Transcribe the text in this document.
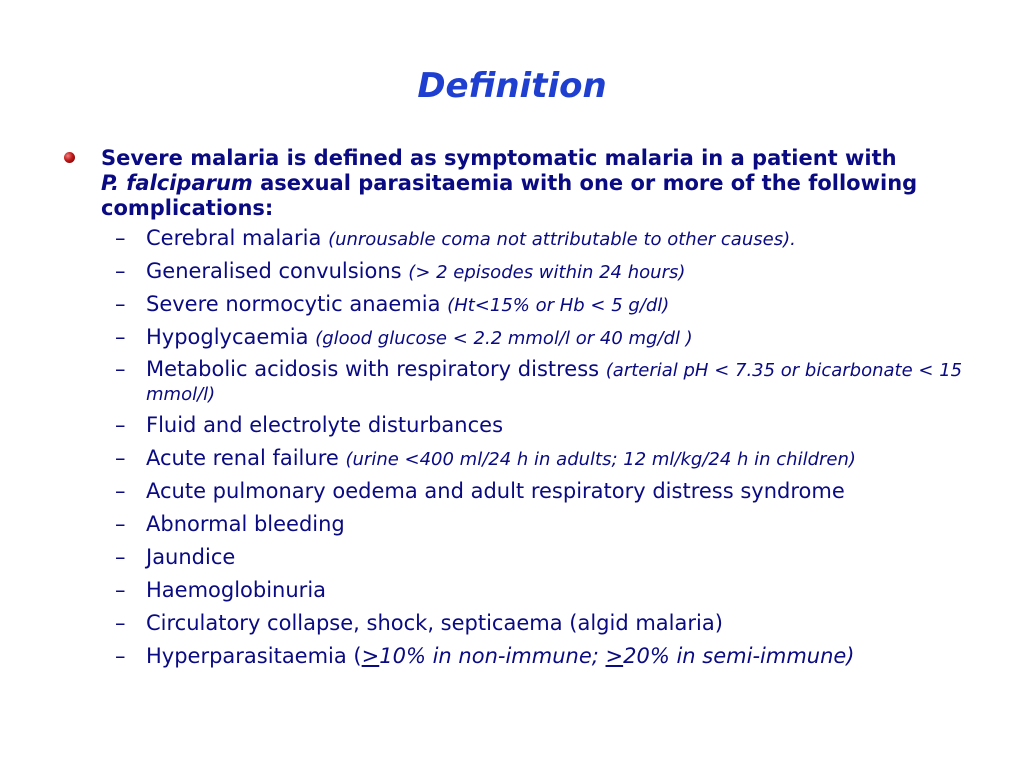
Definition
Severe malaria is defined as symptomatic malaria in a patient with
P. falciparum asexual parasitaemia with one or more of the following complications:
– Cerebral malaria (unrousable coma not attributable to other causes).
– Generalised convulsions (> 2 episodes within 24 hours)
– Severe normocytic anaemia (Ht<15% or Hb < 5 g/dl)
– Hypoglycaemia (glood glucose < 2.2 mmol/l or 40 mg/dl )
– Metabolic acidosis with respiratory distress (arterial pH < 7.35 or bicarbonate < 15 mmol/l)
– Fluid and electrolyte disturbances
– Acute renal failure (urine <400 ml/24 h in adults; 12 ml/kg/24 h in children)
– Acute pulmonary oedema and adult respiratory distress syndrome
– Abnormal bleeding
– Jaundice
– Haemoglobinuria
– Circulatory collapse, shock, septicaema (algid malaria)
– Hyperparasitaemia (>10% in non-immune; >20% in semi-immune)
